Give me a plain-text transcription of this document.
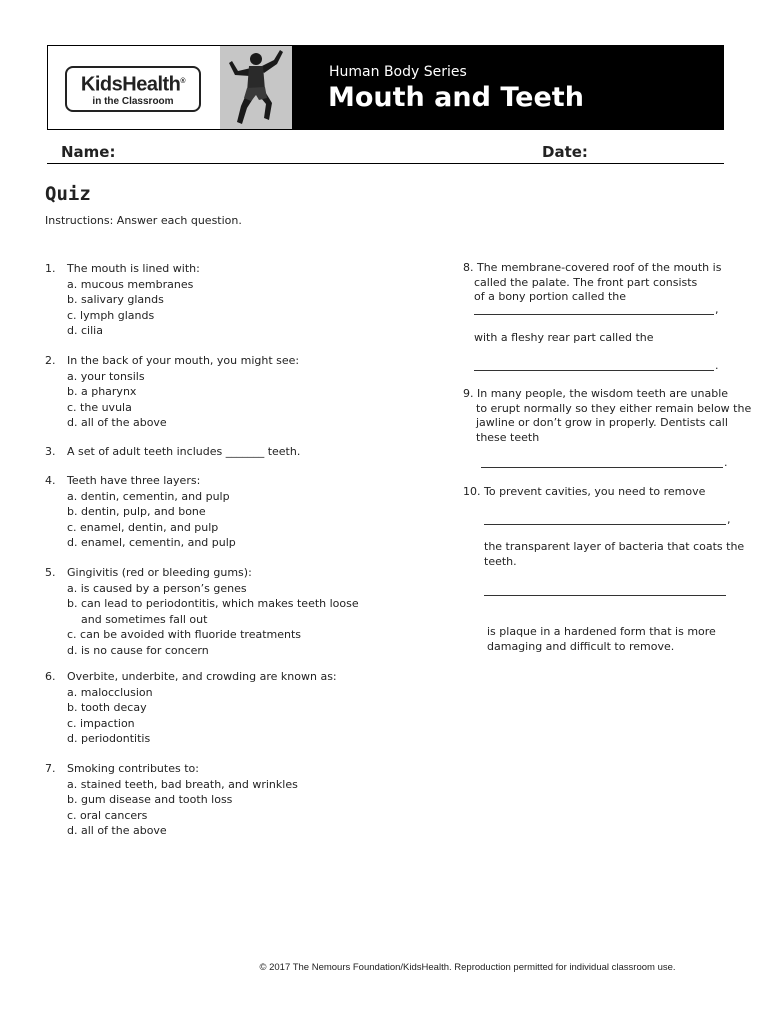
KidsHealth®
in the Classroom
Human Body Series
Mouth and Teeth
Name:	Date:
Quiz
Instructions: Answer each question.
1. The mouth is lined with:
a. mucous membranes
b. salivary glands
c. lymph glands
d. cilia
2. In the back of your mouth, you might see:
a. your tonsils
b. a pharynx
c. the uvula
d. all of the above
3. A set of adult teeth includes _______ teeth.
4. Teeth have three layers:
a. dentin, cementin, and pulp
b. dentin, pulp, and bone
c. enamel, dentin, and pulp
d. enamel, cementin, and pulp
5. Gingivitis (red or bleeding gums):
a. is caused by a person’s genes
b. can lead to periodontitis, which makes teeth loose
and sometimes fall out
c. can be avoided with fluoride treatments
d. is no cause for concern
6. Overbite, underbite, and crowding are known as:
a. malocclusion
b. tooth decay
c. impaction
d. periodontitis
7. Smoking contributes to:
a. stained teeth, bad breath, and wrinkles
b. gum disease and tooth loss
c. oral cancers
d. all of the above
8. The membrane-covered roof of the mouth is
called the palate. The front part consists
of a bony portion called the
,
with a fleshy rear part called the
.
9. In many people, the wisdom teeth are unable
to erupt normally so they either remain below the
jawline or don’t grow in properly. Dentists call
these teeth
.
10. To prevent cavities, you need to remove
,
the transparent layer of bacteria that coats the
teeth.
is plaque in a hardened form that is more
damaging and difficult to remove.
© 2017 The Nemours Foundation/KidsHealth. Reproduction permitted for individual classroom use.
